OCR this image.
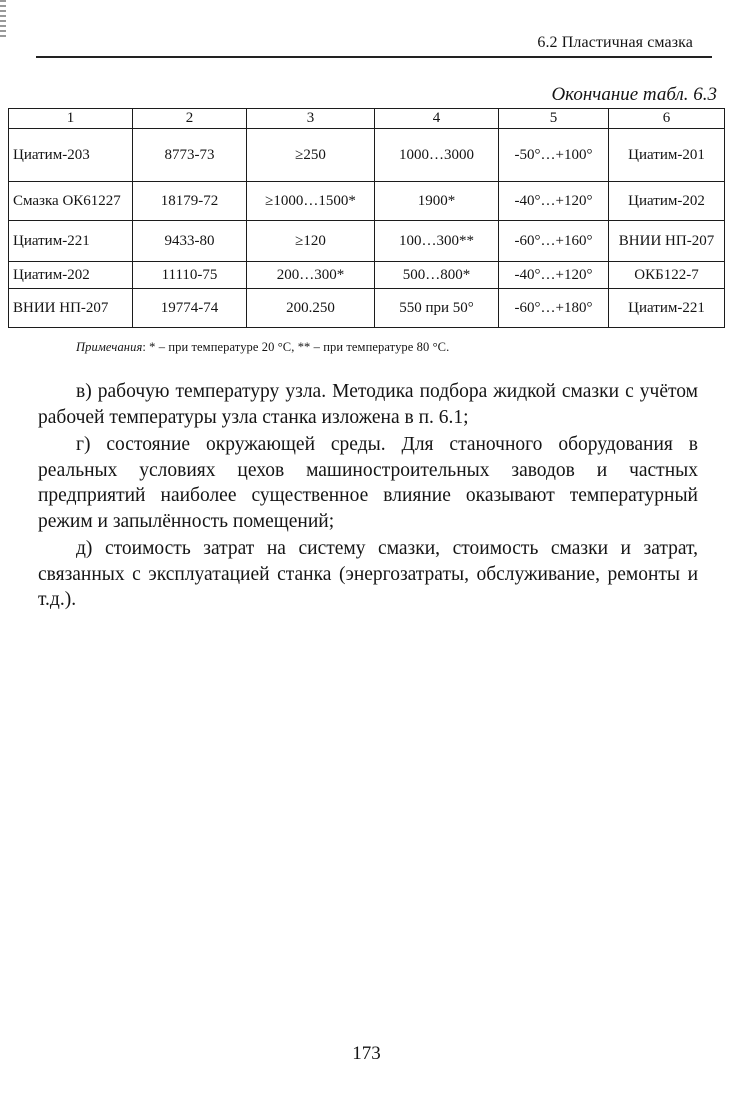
6.2 Пластичная смазка
Окончание табл. 6.3
1	2	3	4	5	6
Циатим-203	8773-73	≥250	1000…3000	-50°…+100°	Циатим-201
Смазка ОК61227	18179-72	≥1000…1500*	1900*	-40°…+120°	Циатим-202
Циатим-221	9433-80	≥120	100…300**	-60°…+160°	ВНИИ НП-207
Циатим-202	11110-75	200…300*	500…800*	-40°…+120°	ОКБ122-7
ВНИИ НП-207	19774-74	200.250	550 при 50°	-60°…+180°	Циатим-221
Примечания: * – при температуре 20 °С, ** – при температуре 80 °С.

в) рабочую температуру узла. Методика подбора жидкой смазки с учётом рабочей температуры узла станка изложена в п. 6.1;

г) состояние окружающей среды. Для станочного оборудования в реальных условиях цехов машиностроительных заводов и частных предприятий наиболее существенное влияние оказывают температурный режим и запылённость помещений;

д) стоимость затрат на систему смазки, стоимость смазки и затрат, связанных с эксплуатацией станка (энергозатраты, обслуживание, ремонты и т.д.).

173
